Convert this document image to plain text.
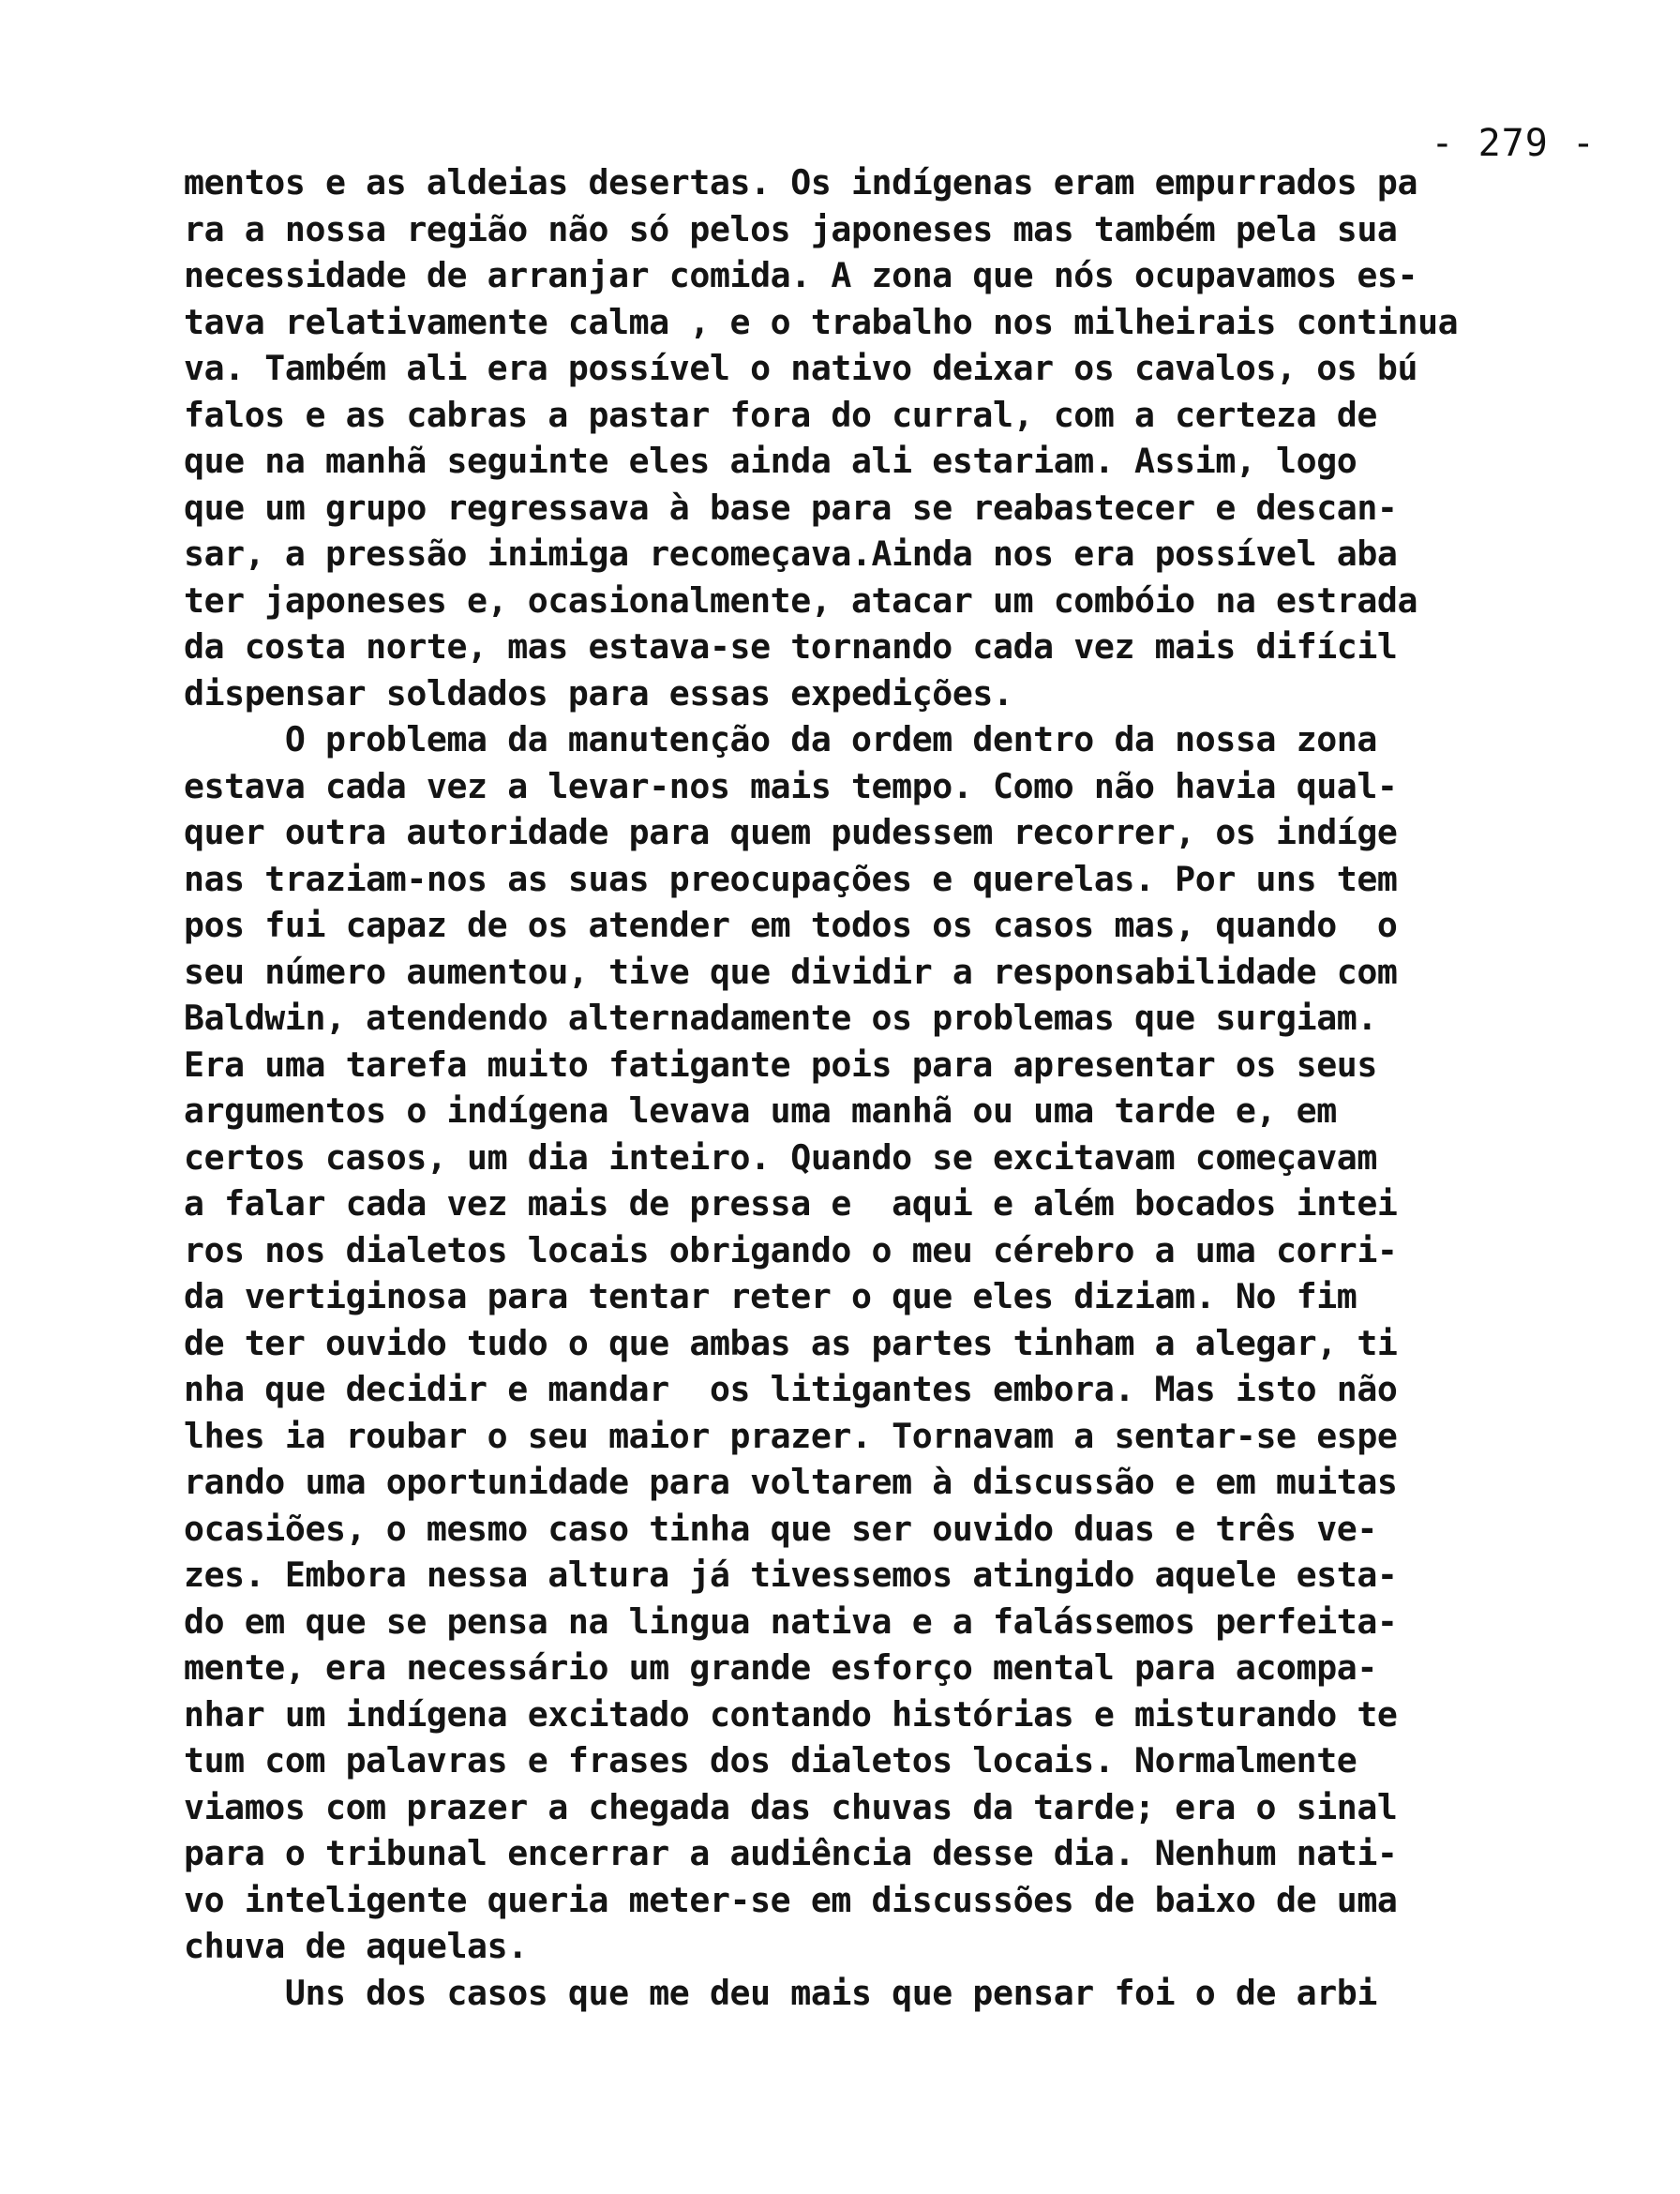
- 279 -
mentos e as aldeias desertas. Os indígenas eram empurrados pa
ra a nossa região não só pelos japoneses mas também pela sua
necessidade de arranjar comida. A zona que nós ocupavamos es-
tava relativamente calma , e o trabalho nos milheirais continua
va. Também ali era possível o nativo deixar os cavalos, os bú
falos e as cabras a pastar fora do curral, com a certeza de
que na manhã seguinte eles ainda ali estariam. Assim, logo
que um grupo regressava à base para se reabastecer e descan-
sar, a pressão inimiga recomeçava.Ainda nos era possível aba
ter japoneses e, ocasionalmente, atacar um combóio na estrada
da costa norte, mas estava-se tornando cada vez mais difícil
dispensar soldados para essas expedições.
O problema da manutenção da ordem dentro da nossa zona
estava cada vez a levar-nos mais tempo. Como não havia qual-
quer outra autoridade para quem pudessem recorrer, os indíge
nas traziam-nos as suas preocupações e querelas. Por uns tem
pos fui capaz de os atender em todos os casos mas, quando  o
seu número aumentou, tive que dividir a responsabilidade com
Baldwin, atendendo alternadamente os problemas que surgiam.
Era uma tarefa muito fatigante pois para apresentar os seus
argumentos o indígena levava uma manhã ou uma tarde e, em
certos casos, um dia inteiro. Quando se excitavam começavam
a falar cada vez mais de pressa e  aqui e além bocados intei
ros nos dialetos locais obrigando o meu cérebro a uma corri-
da vertiginosa para tentar reter o que eles diziam. No fim
de ter ouvido tudo o que ambas as partes tinham a alegar, ti
nha que decidir e mandar  os litigantes embora. Mas isto não
lhes ia roubar o seu maior prazer. Tornavam a sentar-se espe
rando uma oportunidade para voltarem à discussão e em muitas
ocasiões, o mesmo caso tinha que ser ouvido duas e três ve-
zes. Embora nessa altura já tivessemos atingido aquele esta-
do em que se pensa na lingua nativa e a falássemos perfeita-
mente, era necessário um grande esforço mental para acompa-
nhar um indígena excitado contando histórias e misturando te
tum com palavras e frases dos dialetos locais. Normalmente
viamos com prazer a chegada das chuvas da tarde; era o sinal
para o tribunal encerrar a audiência desse dia. Nenhum nati-
vo inteligente queria meter-se em discussões de baixo de uma
chuva de aquelas.
Uns dos casos que me deu mais que pensar foi o de arbi
